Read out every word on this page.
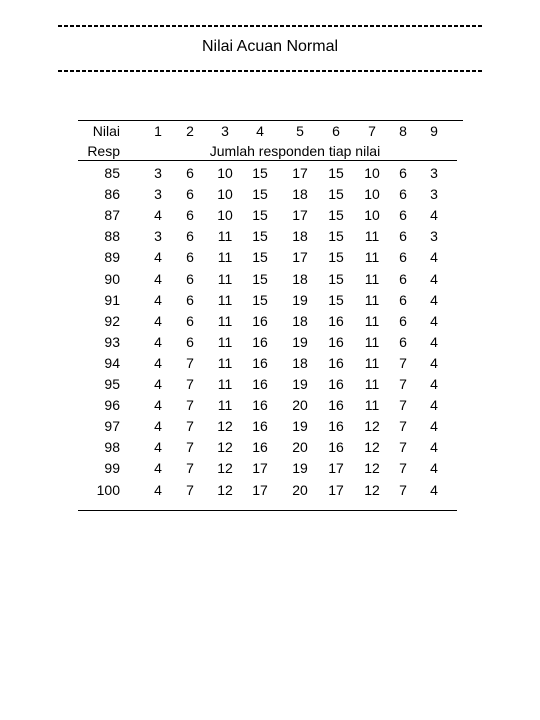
Nilai Acuan Normal
Nilai	1	2	3	4	5	6	7	8	9
Resp	Jumlah responden tiap nilai
85	3	6	10	15	17	15	10	6	3
86	3	6	10	15	18	15	10	6	3
87	4	6	10	15	17	15	10	6	4
88	3	6	11	15	18	15	11	6	3
89	4	6	11	15	17	15	11	6	4
90	4	6	11	15	18	15	11	6	4
91	4	6	11	15	19	15	11	6	4
92	4	6	11	16	18	16	11	6	4
93	4	6	11	16	19	16	11	6	4
94	4	7	11	16	18	16	11	7	4
95	4	7	11	16	19	16	11	7	4
96	4	7	11	16	20	16	11	7	4
97	4	7	12	16	19	16	12	7	4
98	4	7	12	16	20	16	12	7	4
99	4	7	12	17	19	17	12	7	4
100	4	7	12	17	20	17	12	7	4
